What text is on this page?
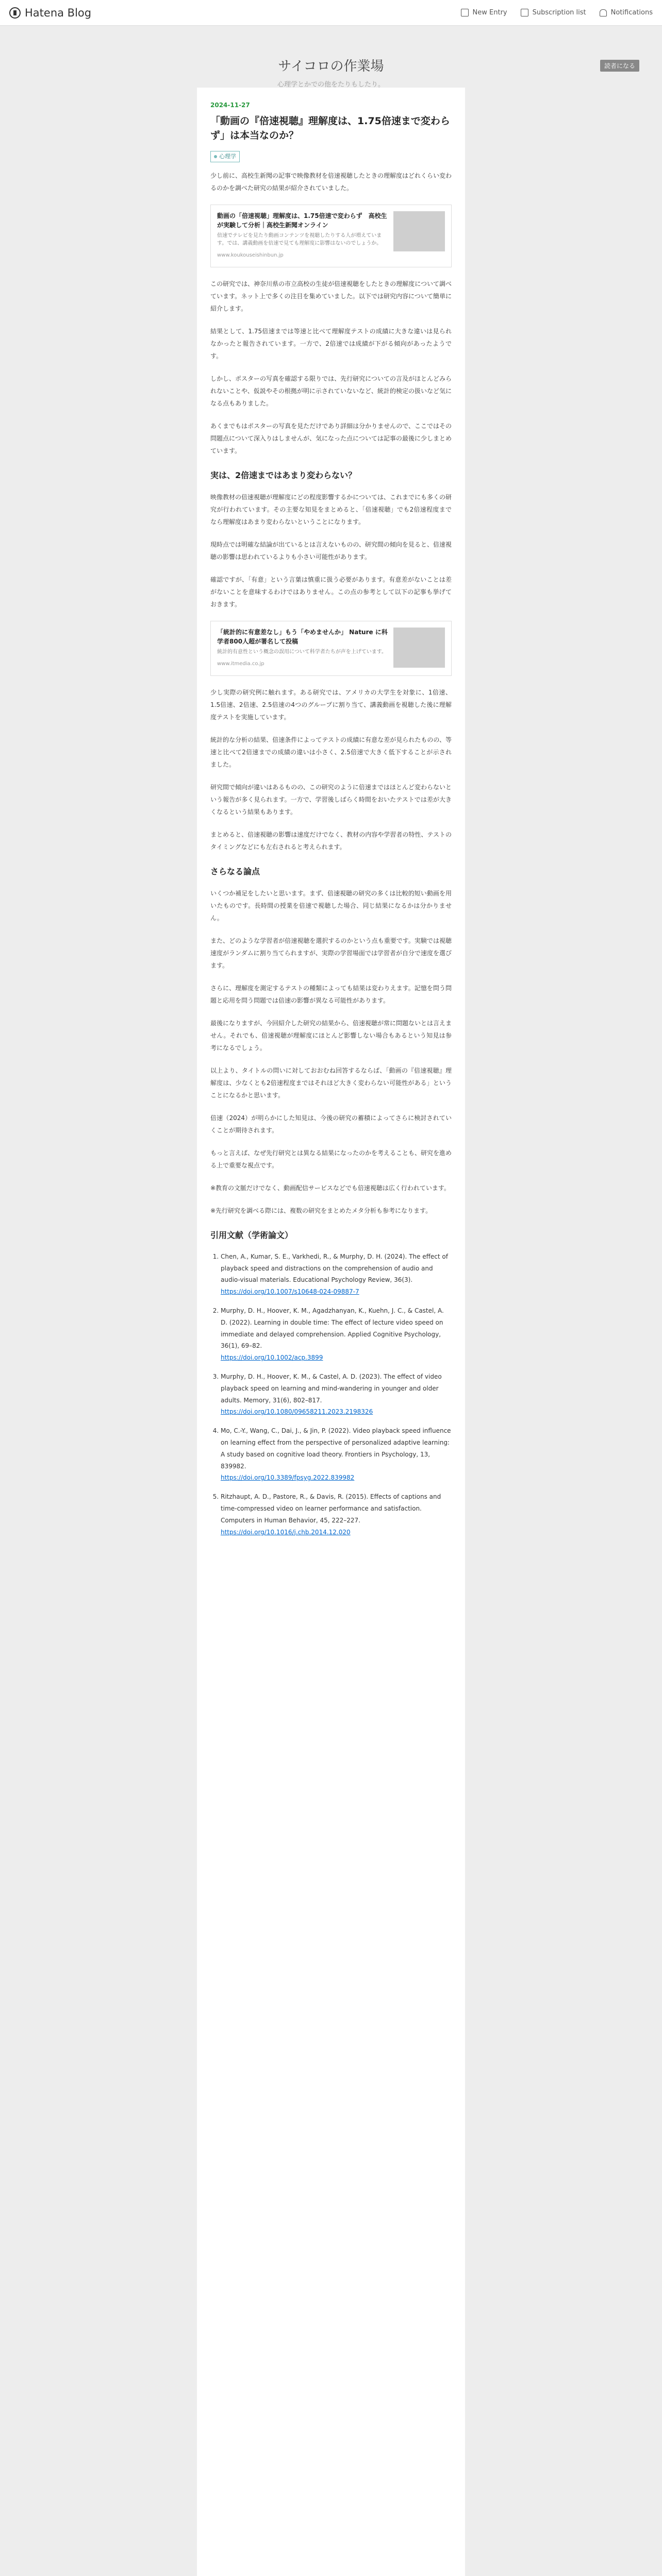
Hatena Blog	New Entry	Subscription list	Notifications
サイコロの作業場
心理学とかでの他をたりもしたり。
読者になる
2024-11-27
「動画の『倍速視聴』理解度は、1.75倍速まで変わらず」は本当なのか？
心理学

少し前に、高校生新聞の記事で映像教材を倍速視聴したときの理解度はどれくらい変わるのかを調べた研究の結果が紹介されていました。

動画の「倍速視聴」理解度は、1.75倍速で変わらず　高校生が実験して分析｜高校生新聞オンライン
倍速でテレビを見たり動画コンテンツを視聴したりする人が増えています。では、講義動画を倍速で見ても理解度に影響はないのでしょうか。
www.koukouseishinbun.jp

この研究では、神奈川県の市立高校の生徒が倍速視聴をしたときの理解度について調べています。ネット上で多くの注目を集めていました。以下では研究内容について簡単に紹介します。

結果として、1.75倍速までは等速と比べて理解度テストの成績に大きな違いは見られなかったと報告されています。一方で、2倍速では成績が下がる傾向があったようです。

しかし、ポスターの写真を確認する限りでは、先行研究についての言及がほとんどみられないことや、仮説やその根拠が明に示されていないなど、統計的検定の扱いなど気になる点もありました。

あくまでもはポスターの写真を見ただけであり詳細は分かりませんので、ここではその問題点について深入りはしませんが、気になった点については記事の最後に少しまとめています。

実は、2倍速まではあまり変わらない？

映像教材の倍速視聴が理解度にどの程度影響するかについては、これまでにも多くの研究が行われています。その主要な知見をまとめると、「倍速視聴」でも2倍速程度までなら理解度はあまり変わらないということになります。

現時点では明確な結論が出ているとは言えないものの、研究間の傾向を見ると、倍速視聴の影響は思われているよりも小さい可能性があります。

確認ですが、「有意」という言葉は慎重に扱う必要があります。有意差がないことは差がないことを意味するわけではありません。この点の参考として以下の記事も挙げておきます。

「統計的に有意差なし」もう「やめませんか」 Nature に科学者800人超が署名して投稿
統計的有意性という概念の誤用について科学者たちが声を上げています。
www.itmedia.co.jp

少し実際の研究例に触れます。ある研究では、アメリカの大学生を対象に、1倍速、1.5倍速、2倍速、2.5倍速の4つのグループに割り当て、講義動画を視聴した後に理解度テストを実施しています。

統計的な分析の結果、倍速条件によってテストの成績に有意な差が見られたものの、等速と比べて2倍速までの成績の違いは小さく、2.5倍速で大きく低下することが示されました。

研究間で傾向が違いはあるものの、この研究のように倍速まではほとんど変わらないという報告が多く見られます。一方で、学習後しばらく時間をおいたテストでは差が大きくなるという結果もあります。

まとめると、倍速視聴の影響は速度だけでなく、教材の内容や学習者の特性、テストのタイミングなどにも左右されると考えられます。

さらなる論点

いくつか補足をしたいと思います。まず、倍速視聴の研究の多くは比較的短い動画を用いたものです。長時間の授業を倍速で視聴した場合、同じ結果になるかは分かりません。

また、どのような学習者が倍速視聴を選択するのかという点も重要です。実験では視聴速度がランダムに割り当てられますが、実際の学習場面では学習者が自分で速度を選びます。

さらに、理解度を測定するテストの種類によっても結果は変わりえます。記憶を問う問題と応用を問う問題では倍速の影響が異なる可能性があります。

最後になりますが、今回紹介した研究の結果から、倍速視聴が常に問題ないとは言えません。それでも、倍速視聴が理解度にほとんど影響しない場合もあるという知見は参考になるでしょう。

以上より、タイトルの問いに対しておおむね回答するならば、「動画の『倍速視聴』理解度は、少なくとも2倍速程度まではそれほど大きく変わらない可能性がある」ということになるかと思います。

倍速（2024）が明らかにした知見は、今後の研究の蓄積によってさらに検討されていくことが期待されます。

もっと言えば、なぜ先行研究とは異なる結果になったのかを考えることも、研究を進める上で重要な視点です。

※教育の文脈だけでなく、動画配信サービスなどでも倍速視聴は広く行われています。

※先行研究を調べる際には、複数の研究をまとめたメタ分析も参考になります。

引用文献（学術論文）
1. Chen, A., Kumar, S. E., Varkhedi, R., & Murphy, D. H. (2024). The effect of playback speed and distractions on the comprehension of audio and audio-visual materials. Educational Psychology Review, 36(3).
https://doi.org/10.1007/s10648-024-09887-7
2. Murphy, D. H., Hoover, K. M., Agadzhanyan, K., Kuehn, J. C., & Castel, A. D. (2022). Learning in double time: The effect of lecture video speed on immediate and delayed comprehension. Applied Cognitive Psychology, 36(1), 69–82.
https://doi.org/10.1002/acp.3899
3. Murphy, D. H., Hoover, K. M., & Castel, A. D. (2023). The effect of video playback speed on learning and mind-wandering in younger and older adults. Memory, 31(6), 802–817.
https://doi.org/10.1080/09658211.2023.2198326
4. Mo, C.-Y., Wang, C., Dai, J., & Jin, P. (2022). Video playback speed influence on learning effect from the perspective of personalized adaptive learning: A study based on cognitive load theory. Frontiers in Psychology, 13, 839982.
https://doi.org/10.3389/fpsyg.2022.839982
5. Ritzhaupt, A. D., Pastore, R., & Davis, R. (2015). Effects of captions and time-compressed video on learner performance and satisfaction. Computers in Human Behavior, 45, 222–227.
https://doi.org/10.1016/j.chb.2014.12.020
